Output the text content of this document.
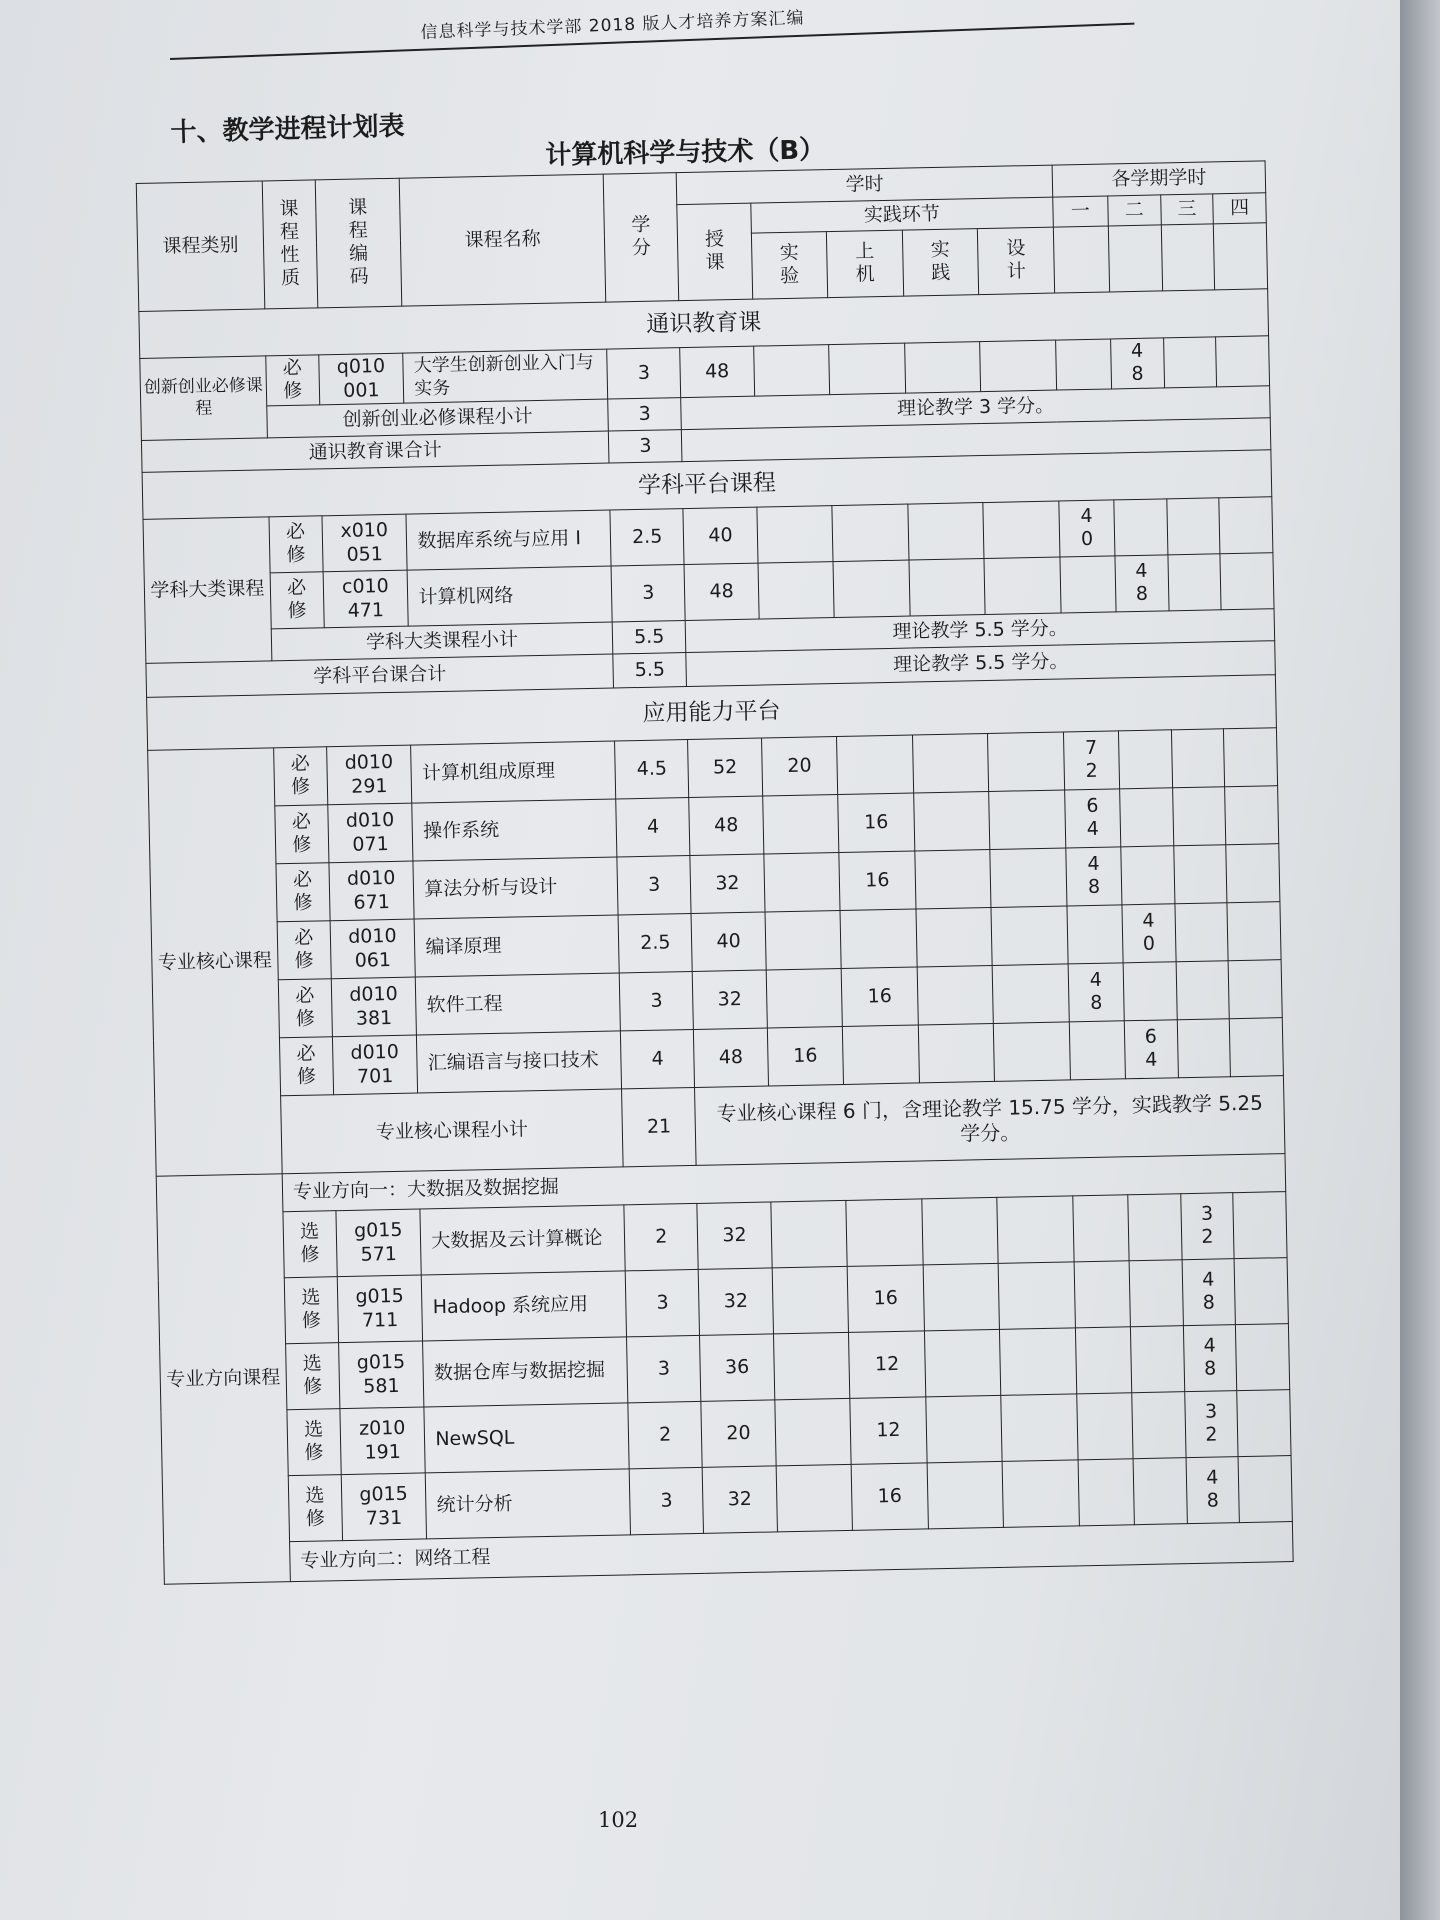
信息科学与技术学部 2018 版人才培养方案汇编
十、教学进程计划表
计算机科学与技术（B）
课程类别	课程性质	课程编码	课程名称	学分	学时					各学期学时			
					授课	实践环节				一	二	三	四
						实验	上机	实践	设计				
通识教育课													
创新创业必修课程	必修	q010 001	大学生创新创业入门与实务	3	48						48		
	创新创业必修课程小计			3	理论教学 3 学分。								
通识教育课合计				3									
学科平台课程													
学科大类课程	必修	x010 051	数据库系统与应用 I	2.5	40					40			
	必修	c010 471	计算机网络	3	48						48		
	学科大类课程小计			5.5	理论教学 5.5 学分。								
学科平台课合计				5.5	理论教学 5.5 学分。								
应用能力平台													
专业核心课程	必修	d010 291	计算机组成原理	4.5	52	20				72			
	必修	d010 071	操作系统	4	48		16			64			
	必修	d010 671	算法分析与设计	3	32		16			48			
	必修	d010 061	编译原理	2.5	40						40		
	必修	d010 381	软件工程	3	32		16			48			
	必修	d010 701	汇编语言与接口技术	4	48	16					64		
	专业核心课程小计			21	专业核心课程 6 门，含理论教学 15.75 学分，实践教学 5.25 学分。								
专业方向课程	专业方向一：大数据及数据挖掘												
	选修	g015 571	大数据及云计算概论	2	32							32	
	选修	g015 711	Hadoop 系统应用	3	32		16					48	
	选修	g015 581	数据仓库与数据挖掘	3	36		12					48	
	选修	z010 191	NewSQL	2	20		12					32	
	选修	g015 731	统计分析	3	32		16					48	
	专业方向二：网络工程												
102
